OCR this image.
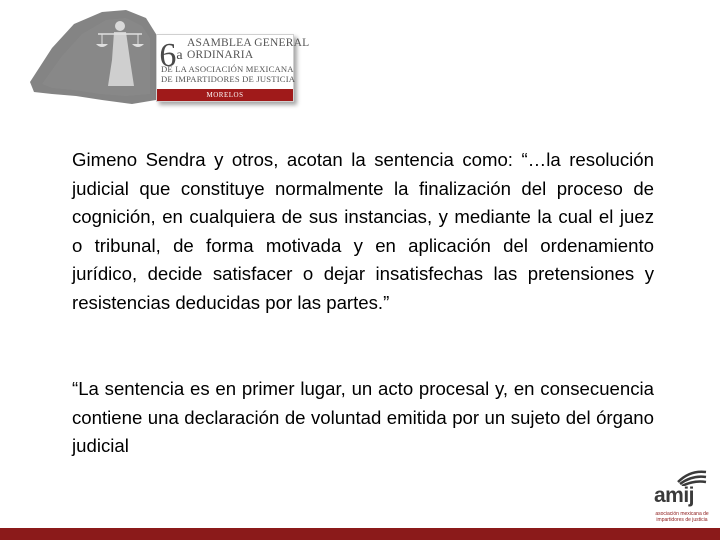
6$^a$
ASAMBLEA GENERAL
ORDINARIA
DE LA ASOCIACIÓN MEXICANA
DE IMPARTIDORES DE JUSTICIA
MORELOS

Gimeno Sendra y otros, acotan la sentencia como: “…la resolución judicial que constituye normalmente la finalización del proceso de cognición, en cualquiera de sus instancias, y mediante la cual el juez o tribunal, de forma motivada y en aplicación del ordenamiento jurídico, decide satisfacer o dejar insatisfechas las pretensiones y resistencias deducidas por las partes.”

“La sentencia es en primer lugar, un acto procesal y, en consecuencia contiene una declaración de voluntad emitida por un sujeto del órgano judicial

amij
asociación mexicana de
impartidores de justicia
